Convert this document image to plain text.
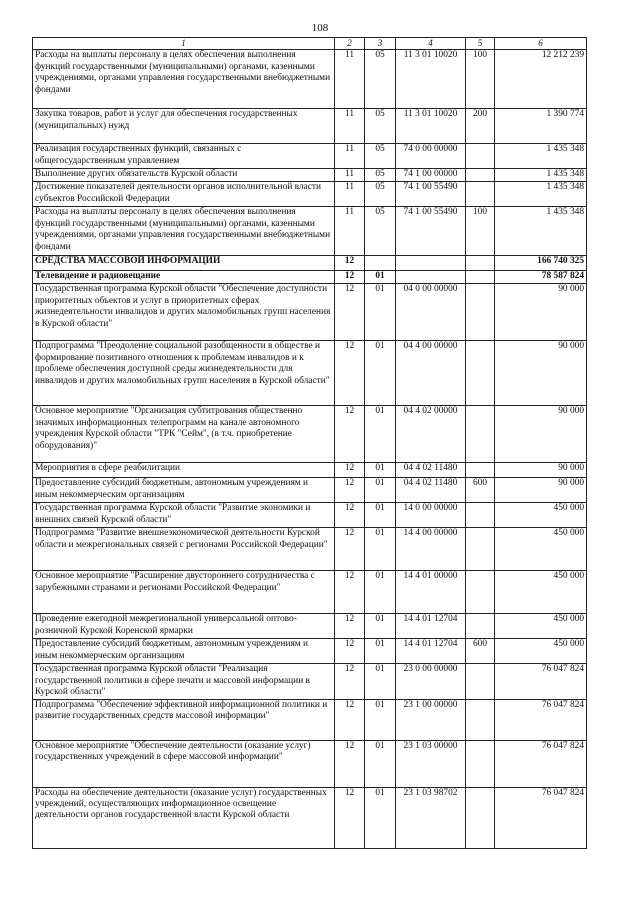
108
1	2	3	4	5	6
Расходы на выплаты персоналу в целях обеспечения выполнения функций государственными (муниципальными) органами, казенными учреждениями, органами управления государственными внебюджетными фондами	11	05	11 3 01 10020	100	12 212 239
Закупка товаров, работ и услуг для обеспечения государственных (муниципальных) нужд	11	05	11 3 01 10020	200	1 390 774
Реализация государственных функций, связанных с общегосударственным управлением	11	05	74 0 00 00000		1 435 348
Выполнение других обязательств Курской области	11	05	74 1 00 00000		1 435 348
Достижение показателей деятельности органов исполнительной власти субъектов Российской Федерации	11	05	74 1 00 55490		1 435 348
Расходы на выплаты персоналу в целях обеспечения выполнения функций государственными (муниципальными) органами, казенными учреждениями, органами управления государственными внебюджетными фондами	11	05	74 1 00 55490	100	1 435 348
СРЕДСТВА МАССОВОЙ ИНФОРМАЦИИ	12				166 740 325
Телевидение и радиовещание	12	01			78 587 824
Государственная программа Курской области "Обеспечение доступности приоритетных объектов и услуг в приоритетных сферах жизнедеятельности инвалидов и других маломобильных групп населения в Курской области"	12	01	04 0 00 00000		90 000
Подпрограмма "Преодоление социальной разобщенности в обществе и формирование позитивного отношения к проблемам инвалидов и к проблеме обеспечения доступной среды жизнедеятельности для инвалидов и других маломобильных групп населения в Курской области"	12	01	04 4 00 00000		90 000
Основное мероприятие "Организация субтитрования общественно значимых информационных телепрограмм на канале автономного учреждения Курской области "ТРК "Сейм", (в т.ч. приобретение оборудования)"	12	01	04 4 02 00000		90 000
Мероприятия в сфере реабилитации	12	01	04 4 02 11480		90 000
Предоставление субсидий бюджетным, автономным учреждениям и иным некоммерческим организациям	12	01	04 4 02 11480	600	90 000
Государственная программа Курской области "Развитие экономики и внешних связей Курской области"	12	01	14 0 00 00000		450 000
Подпрограмма "Развитие внешнеэкономической деятельности Курской области и межрегиональных связей с регионами Российской Федерации"	12	01	14 4 00 00000		450 000
Основное мероприятие "Расширение двустороннего сотрудничества с зарубежными странами и регионами Российской Федерации"	12	01	14 4 01 00000		450 000
Проведение ежегодной межрегиональной универсальной оптово-розничной Курской Коренской ярмарки	12	01	14 4 01 12704		450 000
Предоставление субсидий бюджетным, автономным учреждениям и иным некоммерческим организациям	12	01	14 4 01 12704	600	450 000
Государственная программа Курской области "Реализация государственной политики в сфере печати и массовой информации в Курской области"	12	01	23 0 00 00000		76 047 824
Подпрограмма "Обеспечение эффективной информационной политики и развитие государственных средств массовой информации"	12	01	23 1 00 00000		76 047 824
Основное мероприятие "Обеспечение деятельности (оказание услуг) государственных учреждений в сфере массовой информации"	12	01	23 1 03 00000		76 047 824
Расходы на обеспечение деятельности (оказание услуг) государственных учреждений, осуществляющих информационное освещение деятельности органов государственной власти Курской области	12	01	23 1 03 98702		76 047 824
